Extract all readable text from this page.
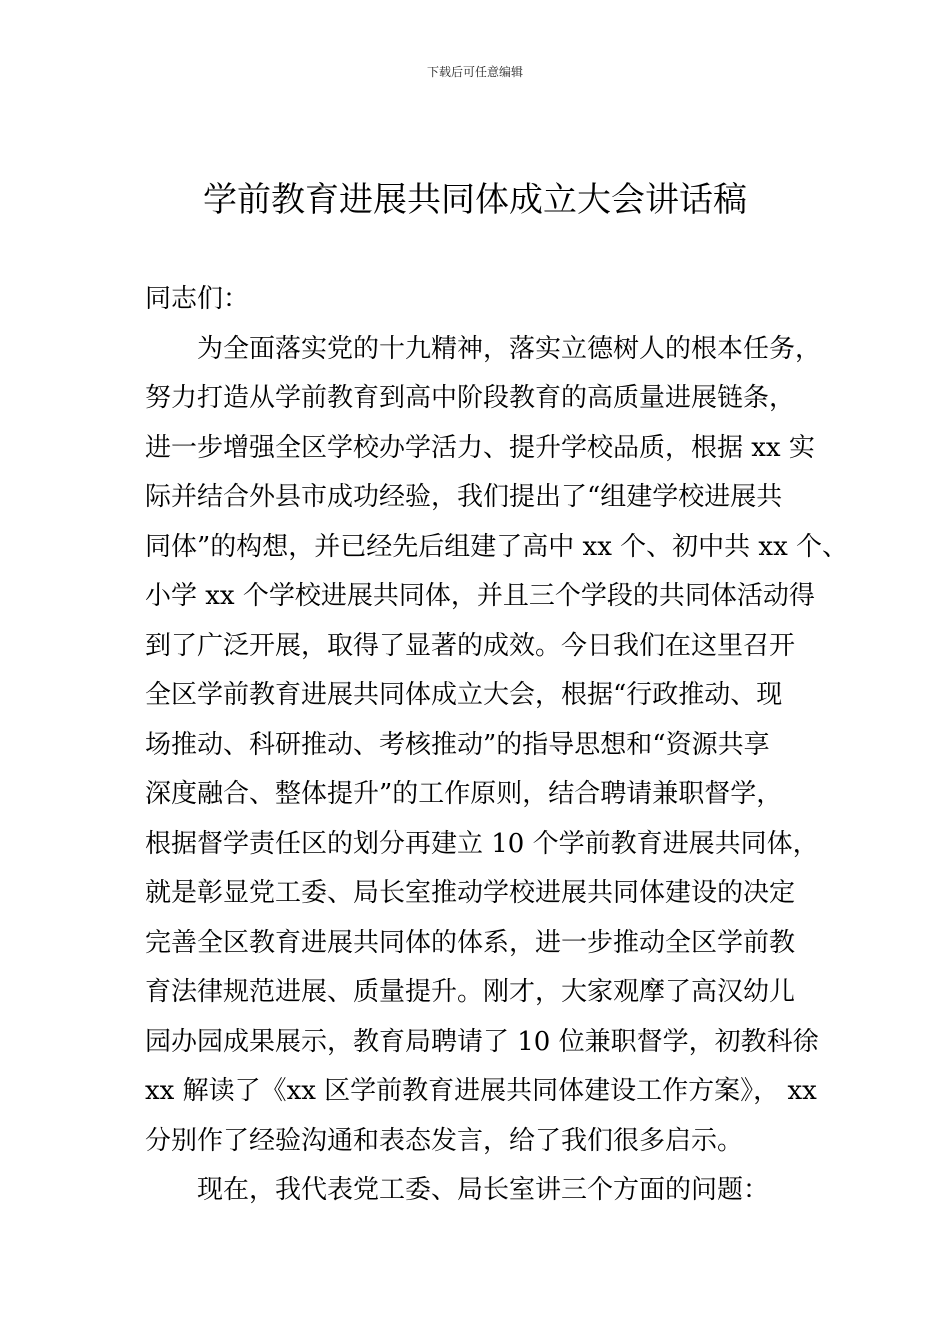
下载后可任意编辑
学前教育进展共同体成立大会讲话稿
同志们：
为全面落实党的十九精神，落实立德树人的根本任务，
努力打造从学前教育到高中阶段教育的高质量进展链条，
进一步增强全区学校办学活力、提升学校品质，根据 xx 实
际并结合外县市成功经验，我们提出了“组建学校进展共
同体”的构想，并已经先后组建了高中 xx 个、初中共 xx 个、
小学 xx 个学校进展共同体，并且三个学段的共同体活动得
到了广泛开展，取得了显著的成效。今日我们在这里召开
全区学前教育进展共同体成立大会，根据“行政推动、现
场推动、科研推动、考核推动”的指导思想和“资源共享
深度融合、整体提升”的工作原则，结合聘请兼职督学，
根据督学责任区的划分再建立 10 个学前教育进展共同体，
就是彰显党工委、局长室推动学校进展共同体建设的决定
完善全区教育进展共同体的体系，进一步推动全区学前教
育法律规范进展、质量提升。刚才，大家观摩了高汉幼儿
园办园成果展示，教育局聘请了 10 位兼职督学，初教科徐
xx 解读了《xx 区学前教育进展共同体建设工作方案》， xx
分别作了经验沟通和表态发言，给了我们很多启示。
现在，我代表党工委、局长室讲三个方面的问题：
